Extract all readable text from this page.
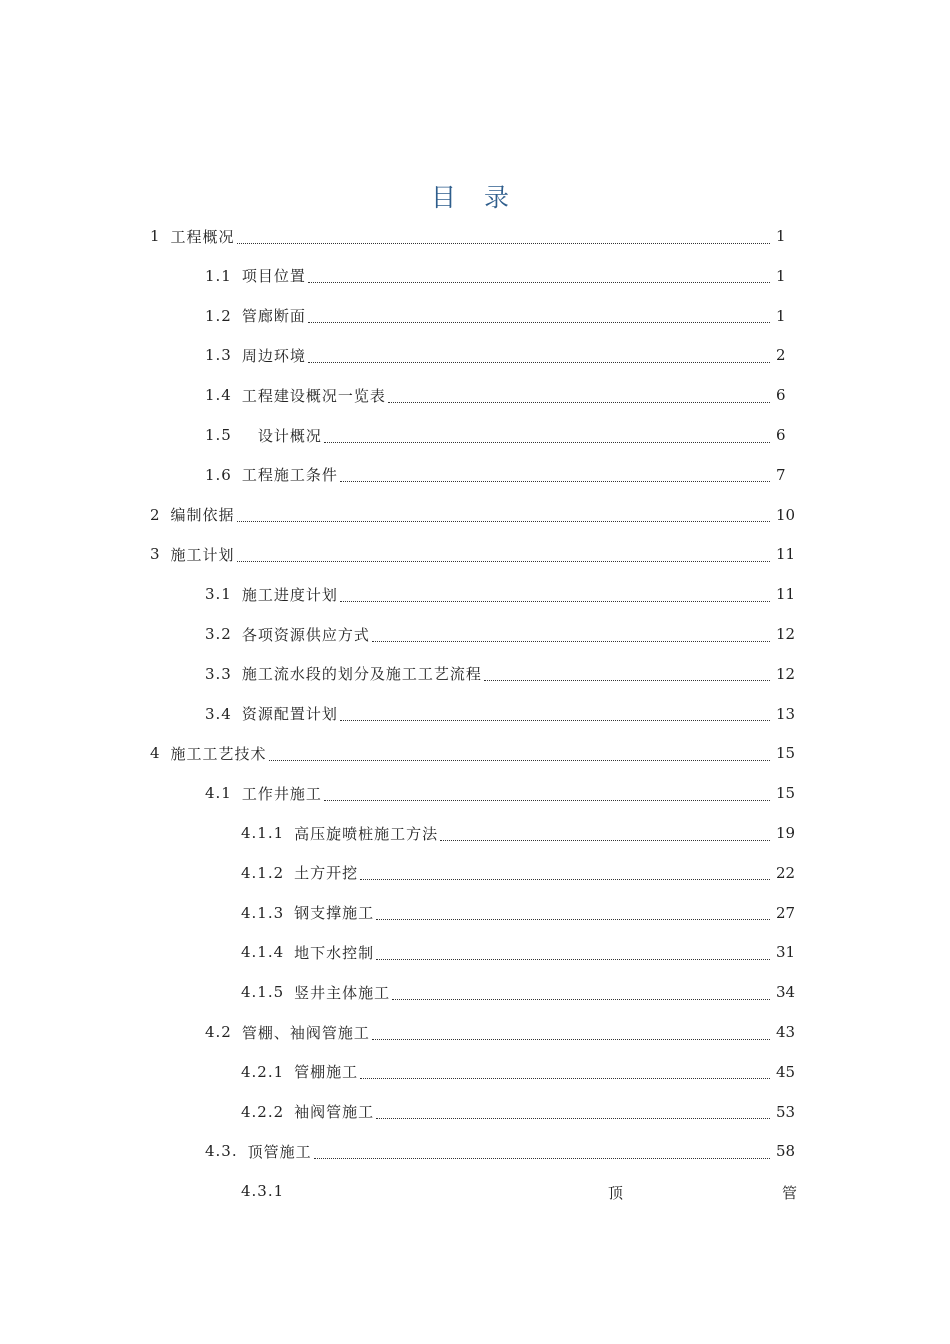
目 录
1 工程概况	1
1.1 项目位置	1
1.2 管廊断面	1
1.3 周边环境	2
1.4 工程建设概况一览表	6
1.5 设计概况	6
1.6 工程施工条件	7
2 编制依据	10
3 施工计划	11
3.1 施工进度计划	11
3.2 各项资源供应方式	12
3.3 施工流水段的划分及施工工艺流程	12
3.4 资源配置计划	13
4 施工工艺技术	15
4.1 工作井施工	15
4.1.1 高压旋喷桩施工方法	19
4.1.2 土方开挖	22
4.1.3 钢支撑施工	27
4.1.4 地下水控制	31
4.1.5 竖井主体施工	34
4.2 管棚、袖阀管施工	43
4.2.1 管棚施工	45
4.2.2 袖阀管施工	53
4.3. 顶管施工	58
4.3.1	顶	管
